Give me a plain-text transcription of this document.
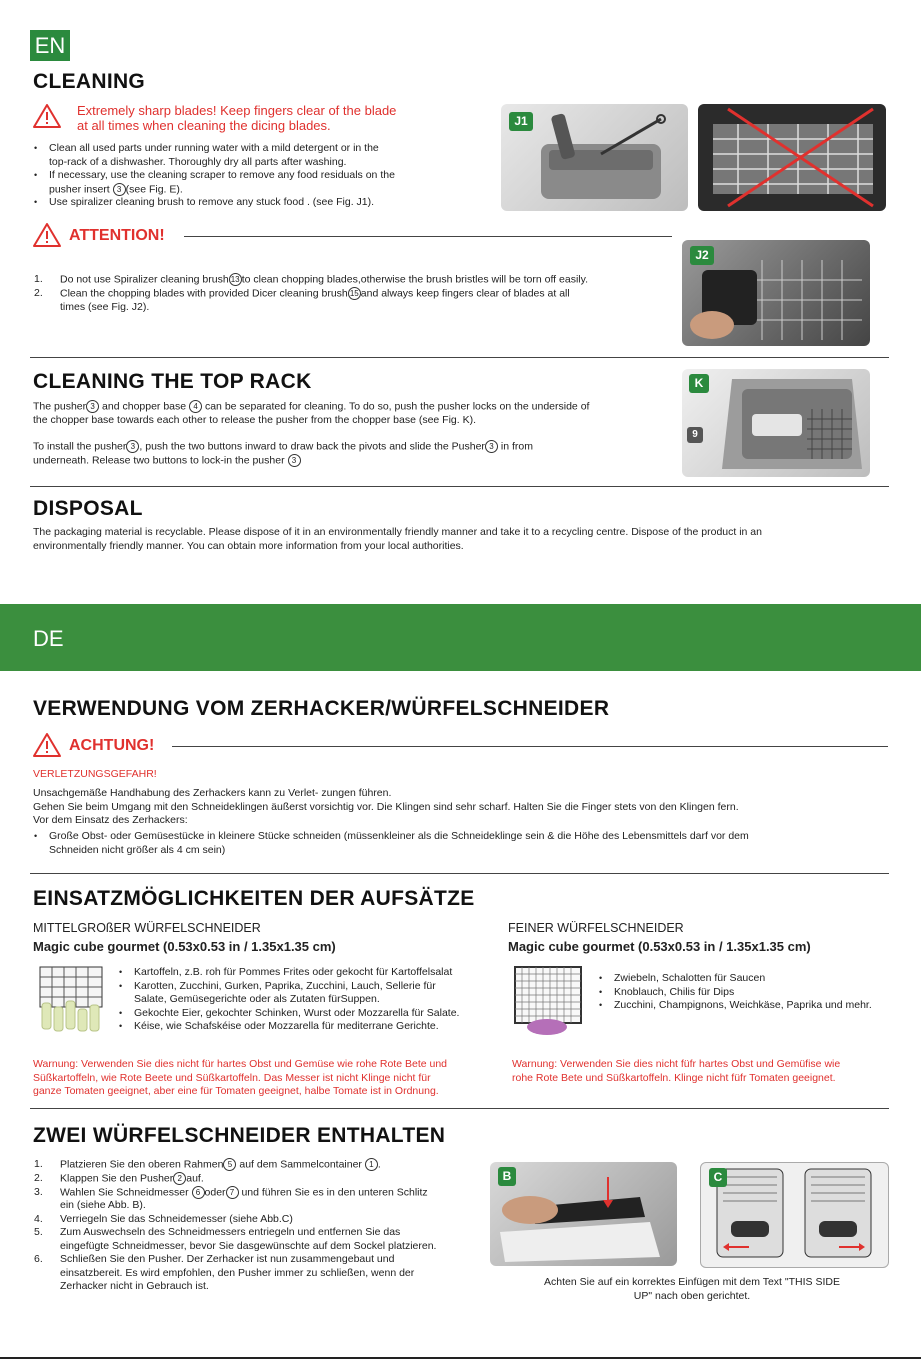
EN
CLEANING
Extremely sharp blades! Keep fingers clear of the blade
at all times when cleaning the dicing blades.
• Clean all used parts under running water with a mild detergent or in the
top-rack of a dishwasher. Thoroughly dry all parts after washing.
• If necessary, use the cleaning scraper to remove any food residuals on the
pusher insert 3 (see Fig. E).
• Use spiralizer cleaning brush to remove any stuck food . (see Fig. J1).
J1
ATTENTION!
1. Do not use Spiralizer cleaning brush 13 to clean chopping blades,otherwise the brush bristles will be torn off easily.
2. Clean the chopping blades with provided Dicer cleaning brush 15 and always keep fingers clear of blades at all
times (see Fig. J2).
J2
CLEANING THE TOP RACK
The pusher 3 and chopper base 4 can be separated for cleaning. To do so, push the pusher locks on the underside of
the chopper base towards each other to release the pusher from the chopper base (see Fig. K).
To install the pusher 3 , push the two buttons inward to draw back the pivots and slide the Pusher 3 in from
underneath. Release two buttons to lock-in the pusher 3
K
9
DISPOSAL
The packaging material is recyclable. Please dispose of it in an environmentally friendly manner and take it to a recycling centre. Dispose of the product in an
environmentally friendly manner. You can obtain more information from your local authorities.
DE
VERWENDUNG VOM ZERHACKER/WÜRFELSCHNEIDER
ACHTUNG!
VERLETZUNGSGEFAHR!
Unsachgemäße Handhabung des Zerhackers kann zu Verlet- zungen führen.
Gehen Sie beim Umgang mit den Schneideklingen äußerst vorsichtig vor. Die Klingen sind sehr scharf. Halten Sie die Finger stets von den Klingen fern.
Vor dem Einsatz des Zerhackers:
• Große Obst- oder Gemüsestücke in kleinere Stücke schneiden (müssenkleiner als die Schneideklinge sein & die Höhe des Lebensmittels darf vor dem
Schneiden nicht größer als 4 cm sein)
EINSATZMÖGLICHKEITEN DER AUFSÄTZE
MITTELGROßER WÜRFELSCHNEIDER
Magic cube gourmet (0.53x0.53 in / 1.35x1.35 cm)
• Kartoffeln, z.B. roh für Pommes Frites oder gekocht für Kartoffelsalat
• Karotten, Zucchini, Gurken, Paprika, Zucchini, Lauch, Sellerie für
Salate, Gemüsegerichte oder als Zutaten fürSuppen.
• Gekochte Eier, gekochter Schinken, Wurst oder Mozzarella für Salate.
• Kéise, wie Schafskéise oder Mozzarella für mediterrane Gerichte.
Warnung: Verwenden Sie dies nicht für hartes Obst und Gemüse wie rohe Rote Bete und
Süßkartoffeln, wie Rote Beete und Süßkartoffeln. Das Messer ist nicht Klinge nicht für
ganze Tomaten geeignet, aber eine für Tomaten geeignet, halbe Tomate ist in Ordnung.
FEINER WÜRFELSCHNEIDER
Magic cube gourmet (0.53x0.53 in / 1.35x1.35 cm)
• Zwiebeln, Schalotten für Saucen
• Knoblauch, Chilis für Dips
• Zucchini, Champignons, Weichkäse, Paprika und mehr.
Warnung: Verwenden Sie dies nicht füfr hartes Obst und Gemüfise wie
rohe Rote Bete und Süßkartoffeln. Klinge nicht füfr Tomaten geeignet.
ZWEI WÜRFELSCHNEIDER ENTHALTEN
1. Platzieren Sie den oberen Rahmen 5 auf dem Sammelcontainer 1 .
2. Klappen Sie den Pusher 2 auf.
3. Wahlen Sie Schneidmesser 6 oder 7 und führen Sie es in den unteren Schlitz
ein (siehe Abb. B).
4. Verriegeln Sie das Schneidemesser (siehe Abb.C)
5. Zum Auswechseln des Schneidmessers entriegeln und entfernen Sie das
eingefügte Schneidmesser, bevor Sie dasgewünschte auf dem Sockel platzieren.
6. Schließen Sie den Pusher. Der Zerhacker ist nun zusammengebaut und
einsatzbereit. Es wird empfohlen, den Pusher immer zu schließen, wenn der
Zerhacker nicht in Gebrauch ist.
B	C
Achten Sie auf ein korrektes Einfügen mit dem Text "THIS SIDE
UP" nach oben gerichtet.
